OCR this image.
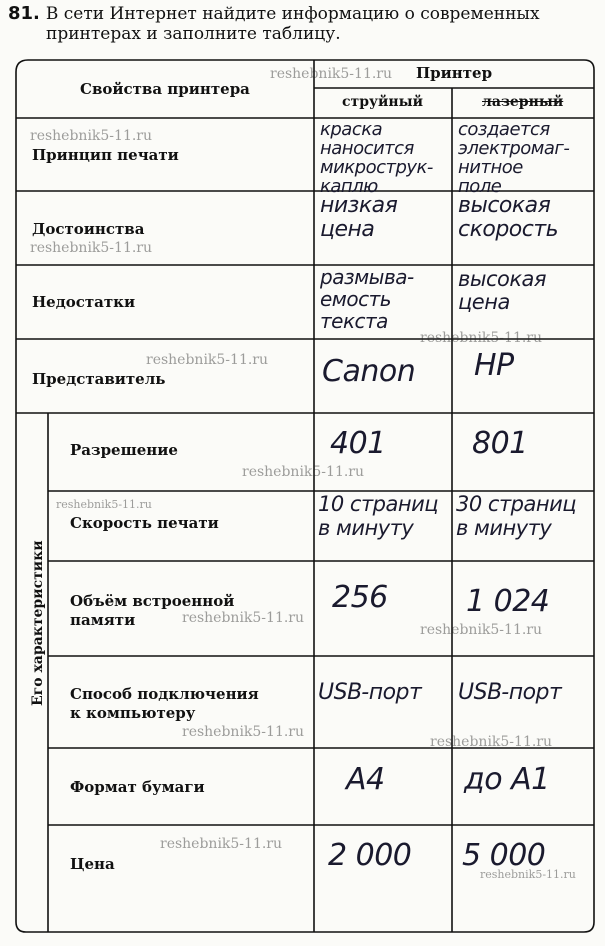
81. В сети Интернет найдите информацию о современных
принтерах и заполните таблицу.
Свойства принтера
Принтер
струйный	лазерный
Его характеристики
Принцип печати
Достоинства
Недостатки
Представитель
Разрешение
Скорость печати
Объём встроенной памяти
Способ подключения к компьютеру
Формат бумаги
Цена
краска
наносится
микрострук-
каплю
низкая
цена
размыва-
емость
текста
Canon
401
10 страниц
в минуту
256
USB-порт
A4
2 000
создается
электромаг-
нитное
поле
высокая
скорость
высокая
цена
HP
801
30 страниц
в минуту
1 024
USB-порт
до A1
5 000
reshebnik5-11.ru
reshebnik5-11.ru
reshebnik5-11.ru
reshebnik5-11.ru
reshebnik5-11.ru
reshebnik5-11.ru
reshebnik5-11.ru
reshebnik5-11.ru
reshebnik5-11.ru
reshebnik5-11.ru
reshebnik5-11.ru
reshebnik5-11.ru
reshebnik5-11.ru
